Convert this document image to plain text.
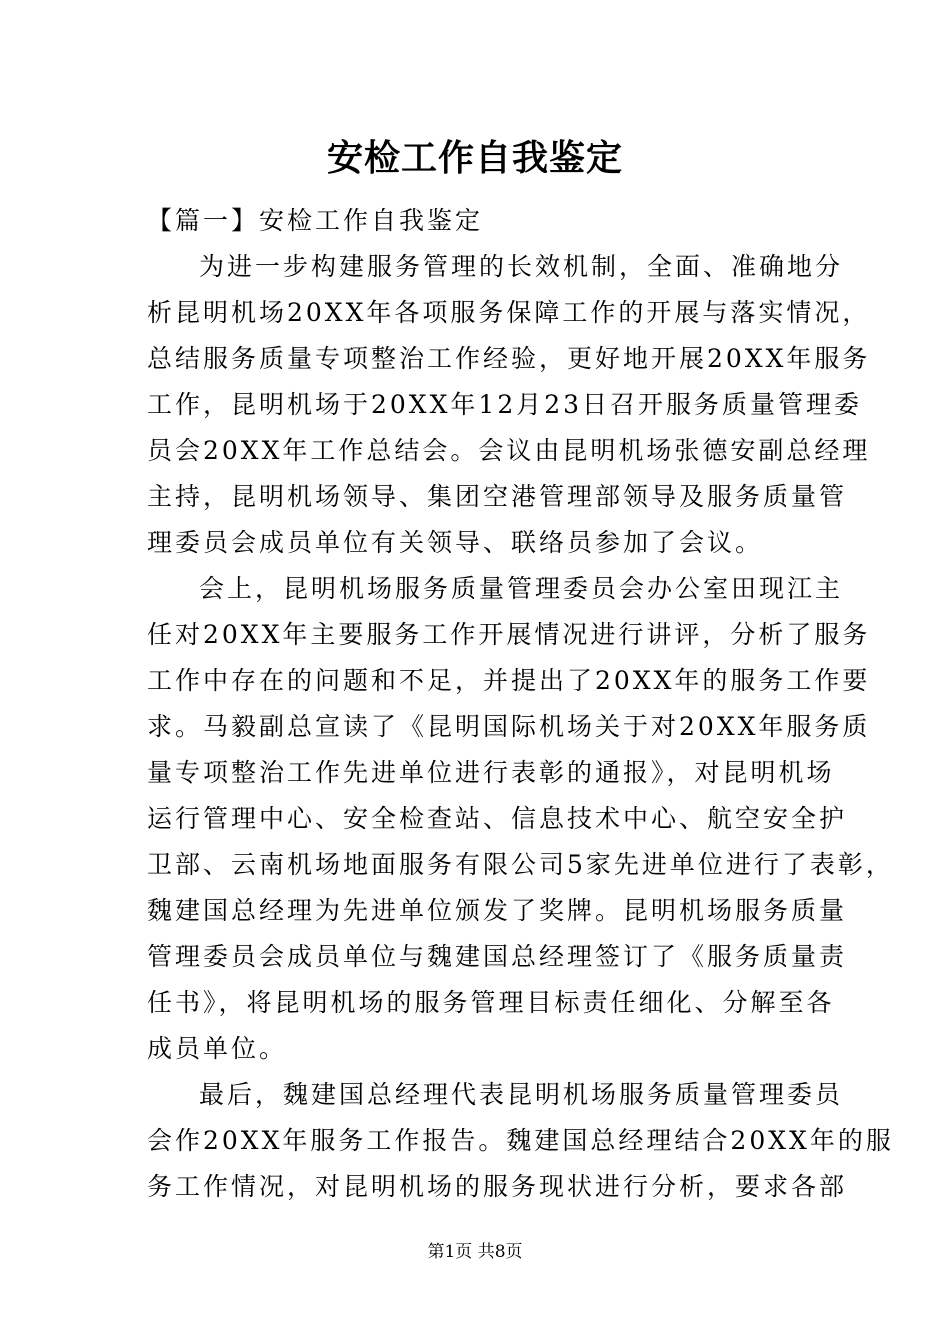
安检工作自我鉴定
【篇一】安检工作自我鉴定
为进一步构建服务管理的长效机制，全面、准确地分
析昆明机场20XX年各项服务保障工作的开展与落实情况，
总结服务质量专项整治工作经验，更好地开展20XX年服务
工作，昆明机场于20XX年12月23日召开服务质量管理委
员会20XX年工作总结会。会议由昆明机场张德安副总经理
主持，昆明机场领导、集团空港管理部领导及服务质量管
理委员会成员单位有关领导、联络员参加了会议。
会上，昆明机场服务质量管理委员会办公室田现江主
任对20XX年主要服务工作开展情况进行讲评，分析了服务
工作中存在的问题和不足，并提出了20XX年的服务工作要
求。马毅副总宣读了《昆明国际机场关于对20XX年服务质
量专项整治工作先进单位进行表彰的通报》，对昆明机场
运行管理中心、安全检查站、信息技术中心、航空安全护
卫部、云南机场地面服务有限公司5家先进单位进行了表彰，
魏建国总经理为先进单位颁发了奖牌。昆明机场服务质量
管理委员会成员单位与魏建国总经理签订了《服务质量责
任书》，将昆明机场的服务管理目标责任细化、分解至各
成员单位。
最后，魏建国总经理代表昆明机场服务质量管理委员
会作20XX年服务工作报告。魏建国总经理结合20XX年的服
务工作情况，对昆明机场的服务现状进行分析，要求各部
第1页 共8页
